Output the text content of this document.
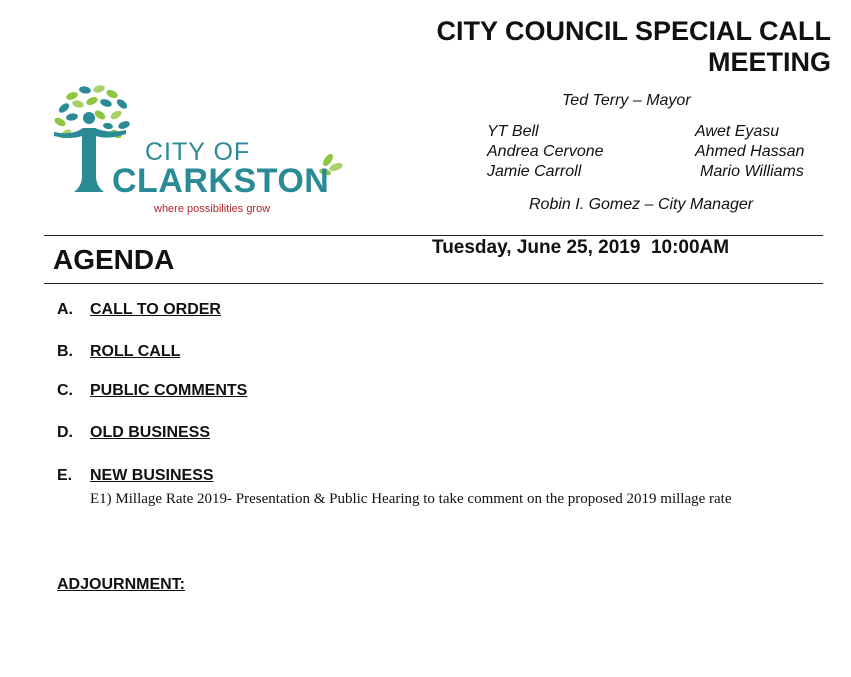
CITY COUNCIL SPECIAL CALL
MEETING
CITY OF
CLARKSTON
where possibilities grow
Ted Terry – Mayor
YT Bell
Andrea Cervone
Jamie Carroll
Awet Eyasu
Ahmed Hassan
Mario Williams
Robin I. Gomez – City Manager
AGENDA	Tuesday, June 25, 2019  10:00AM
A. CALL TO ORDER
B. ROLL CALL
C. PUBLIC COMMENTS
D. OLD BUSINESS
E. NEW BUSINESS
E1) Millage Rate 2019- Presentation & Public Hearing to take comment on the proposed 2019 millage rate
ADJOURNMENT:
